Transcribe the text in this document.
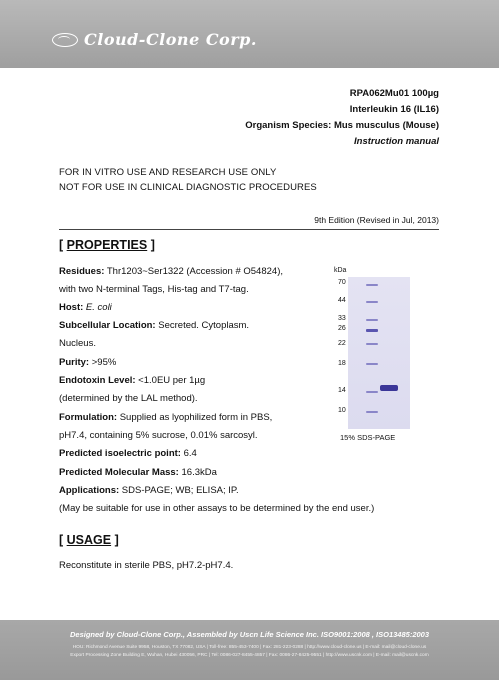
Cloud-Clone Corp.
RPA062Mu01 100µg
Interleukin 16 (IL16)
Organism Species: Mus musculus (Mouse)
Instruction manual
FOR IN VITRO USE AND RESEARCH USE ONLY
NOT FOR USE IN CLINICAL DIAGNOSTIC PROCEDURES
9th Edition (Revised in Jul, 2013)
[ PROPERTIES ]
Residues: Thr1203~Ser1322 (Accession # O54824),
with two N-terminal Tags, His-tag and T7-tag.
Host: E. coli
Subcellular Location: Secreted. Cytoplasm.
Nucleus.
Purity: >95%
Endotoxin Level: <1.0EU per 1µg
(determined by the LAL method).
Formulation: Supplied as lyophilized form in PBS,
pH7.4, containing 5% sucrose, 0.01% sarcosyl.
Predicted isoelectric point: 6.4
Predicted Molecular Mass: 16.3kDa
Applications: SDS-PAGE; WB; ELISA; IP.
(May be suitable for use in other assays to be determined by the end user.)
kDa
70
44
33
26
22
18
14
10
15% SDS-PAGE
[ USAGE ]
Reconstitute in sterile PBS, pH7.2-pH7.4.
Designed by Cloud-Clone Corp., Assembled by Uscn Life Science Inc. ISO9001:2008 , ISO13485:2003
HOU: Richmond Avenue Suite 9958, Houston, TX 77082, USA | Toll-free: 855-453-7400 | Fax: 281-223-0288 | http://www.cloud-clone.us | E-mail: mail@cloud-clone.us
Export Processing Zone Building E, Wuhan, Hubei 430056, PRC | Tel: 0086-027-8455-4857 | Fax: 0086-27-8425-9551 | http://www.uscnk.com | E-mail: mail@uscnk.com
